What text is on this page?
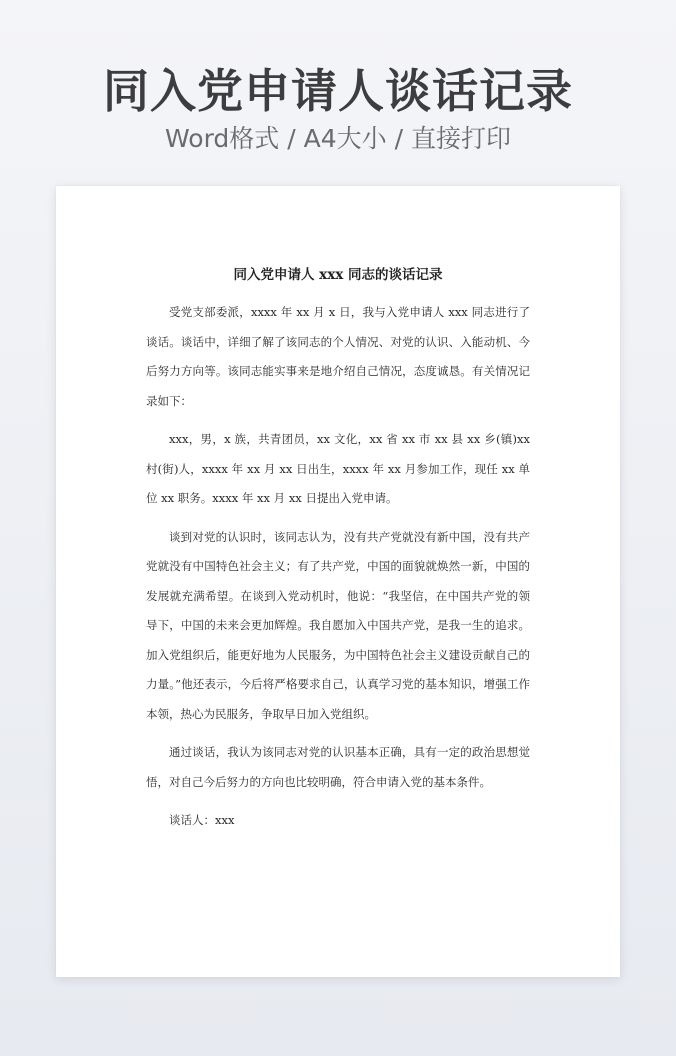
同入党申请人谈话记录
Word格式 / A4大小 / 直接打印
同入党申请人 xxx 同志的谈话记录

受党支部委派，xxxx 年 xx 月 x 日，我与入党申请人 xxx 同志进行了谈话。谈话中，详细了解了该同志的个人情况、对党的认识、入能动机、今后努力方向等。该同志能实事来是地介绍自己情况，态度诚恳。有关情况记录如下：

xxx，男，x 族，共青团员，xx 文化，xx 省 xx 市 xx 县 xx 乡(镇)xx 村(街)人，xxxx 年 xx 月 xx 日出生，xxxx 年 xx 月参加工作，现任 xx 单位 xx 职务。xxxx 年 xx 月 xx 日提出入党申请。

谈到对党的认识时，该同志认为，没有共产党就没有新中国，没有共产党就没有中国特色社会主义；有了共产党，中国的面貌就焕然一新，中国的发展就充满希望。在谈到入党动机时，他说：“我坚信，在中国共产党的领导下，中国的未来会更加辉煌。我自愿加入中国共产党，是我一生的追求。加入党组织后，能更好地为人民服务，为中国特色社会主义建设贡献自己的力量。”他还表示，今后将严格要求自己，认真学习党的基本知识，增强工作本领，热心为民服务，争取早日加入党组织。

通过谈话，我认为该同志对党的认识基本正确，具有一定的政治思想觉悟，对自己今后努力的方向也比较明确，符合申请入党的基本条件。

谈话人：xxx
